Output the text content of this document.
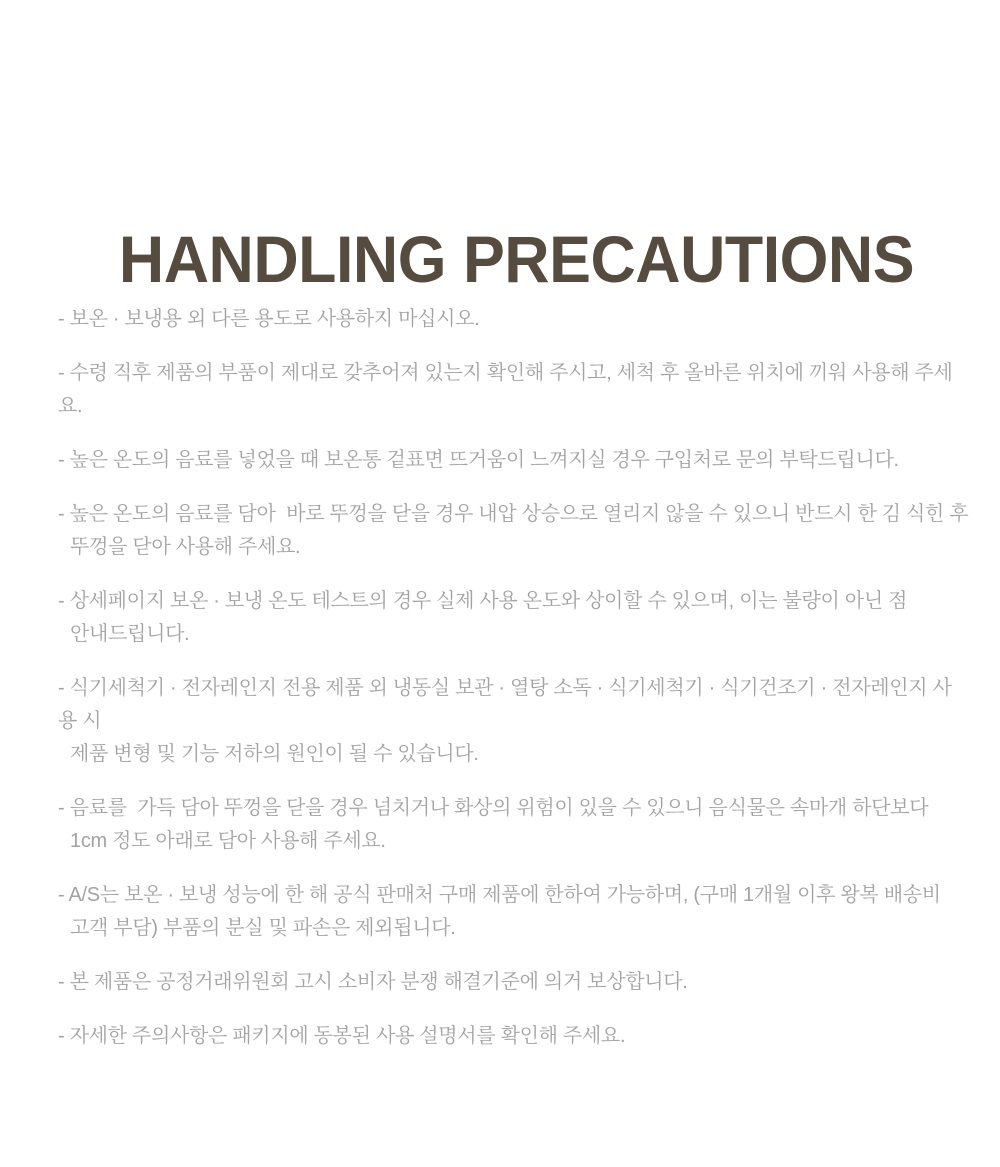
HANDLING PRECAUTIONS
- 보온 · 보냉용 외 다른 용도로 사용하지 마십시오.
- 수령 직후 제품의 부품이 제대로 갖추어져 있는지 확인해 주시고, 세척 후 올바른 위치에 끼워 사용해 주세요.
- 높은 온도의 음료를 넣었을 때 보온통 겉표면 뜨거움이 느껴지실 경우 구입처로 문의 부탁드립니다.
- 높은 온도의 음료를 담아  바로 뚜껑을 닫을 경우 내압 상승으로 열리지 않을 수 있으니 반드시 한 김 식힌 후
뚜껑을 닫아 사용해 주세요.
- 상세페이지 보온 · 보냉 온도 테스트의 경우 실제 사용 온도와 상이할 수 있으며, 이는 불량이 아닌 점
안내드립니다.
- 식기세척기 · 전자레인지 전용 제품 외 냉동실 보관 · 열탕 소독 · 식기세척기 · 식기건조기 · 전자레인지 사용 시
제품 변형 및 기능 저하의 원인이 될 수 있습니다.
- 음료를  가득 담아 뚜껑을 닫을 경우 넘치거나 화상의 위험이 있을 수 있으니 음식물은 속마개 하단보다
1cm 정도 아래로 담아 사용해 주세요.
- A/S는 보온 · 보냉 성능에 한 해 공식 판매처 구매 제품에 한하여 가능하며, (구매 1개월 이후 왕복 배송비
고객 부담) 부품의 분실 및 파손은 제외됩니다.
- 본 제품은 공정거래위원회 고시 소비자 분쟁 해결기준에 의거 보상합니다.
- 자세한 주의사항은 패키지에 동봉된 사용 설명서를 확인해 주세요.
